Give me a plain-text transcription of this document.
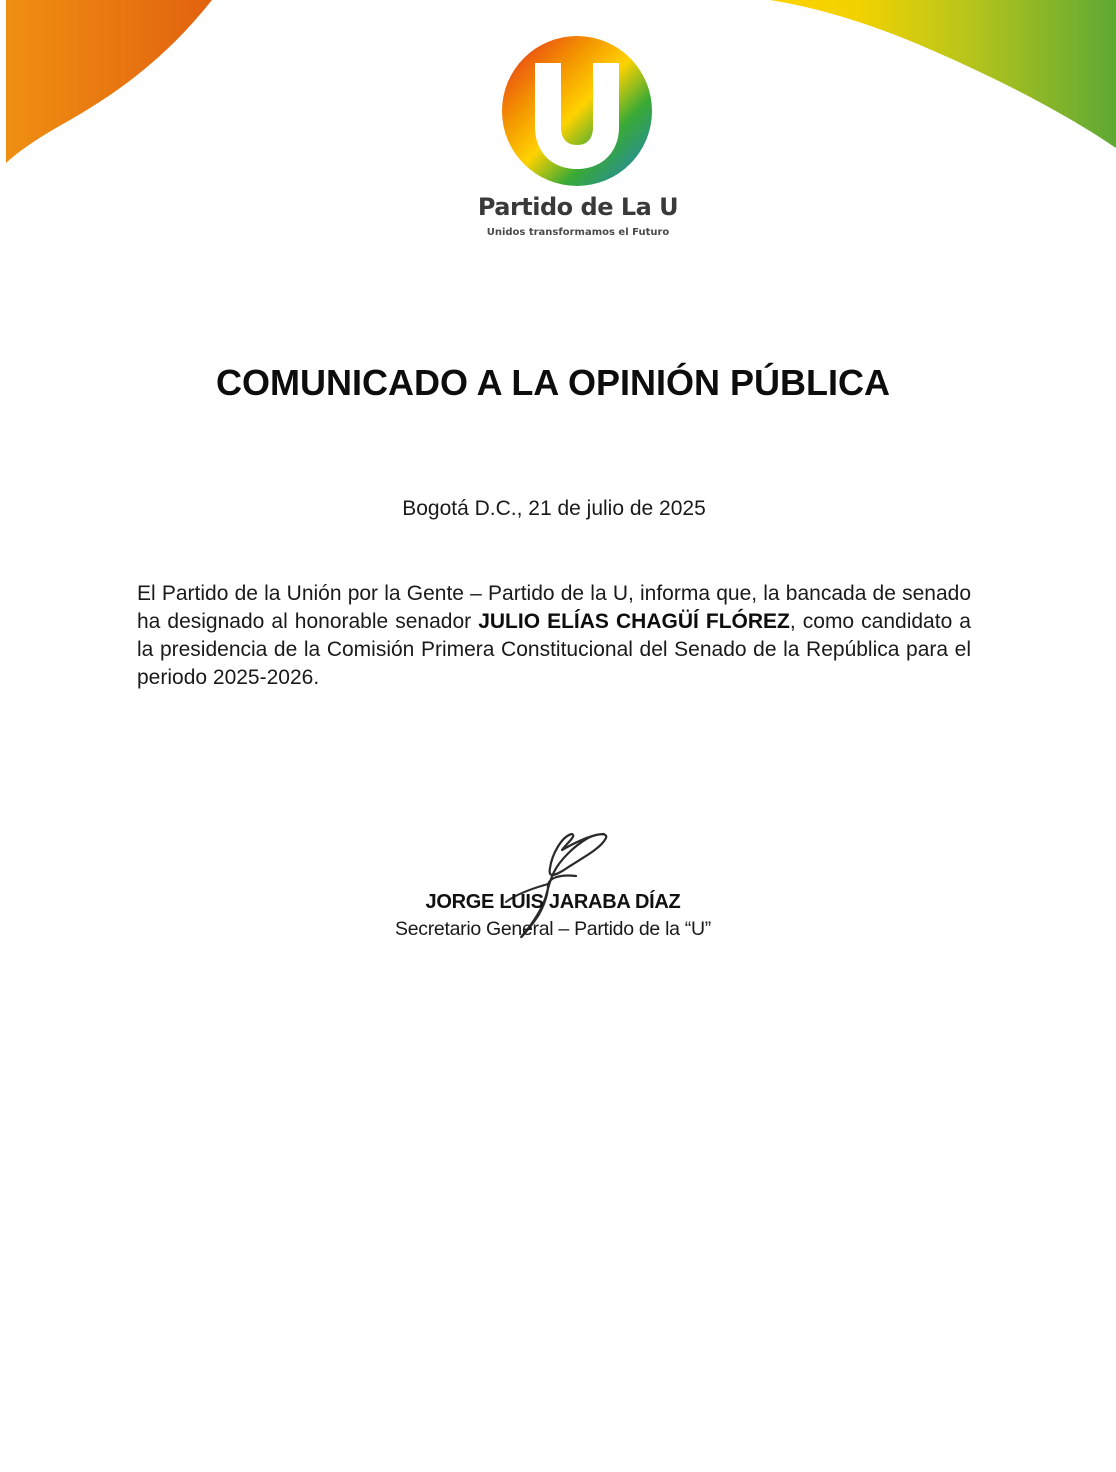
Partido de La U
Unidos transformamos el Futuro
COMUNICADO A LA OPINIÓN PÚBLICA
Bogotá D.C., 21 de julio de 2025
El Partido de la Unión por la Gente – Partido de la U, informa que, la bancada de senado ha designado al honorable senador JULIO ELÍAS CHAGÜÍ FLÓREZ, como candidato a la presidencia de la Comisión Primera Constitucional del Senado de la República para el periodo 2025-2026.
JORGE LUIS JARABA DÍAZ
Secretario General – Partido de la “U”
